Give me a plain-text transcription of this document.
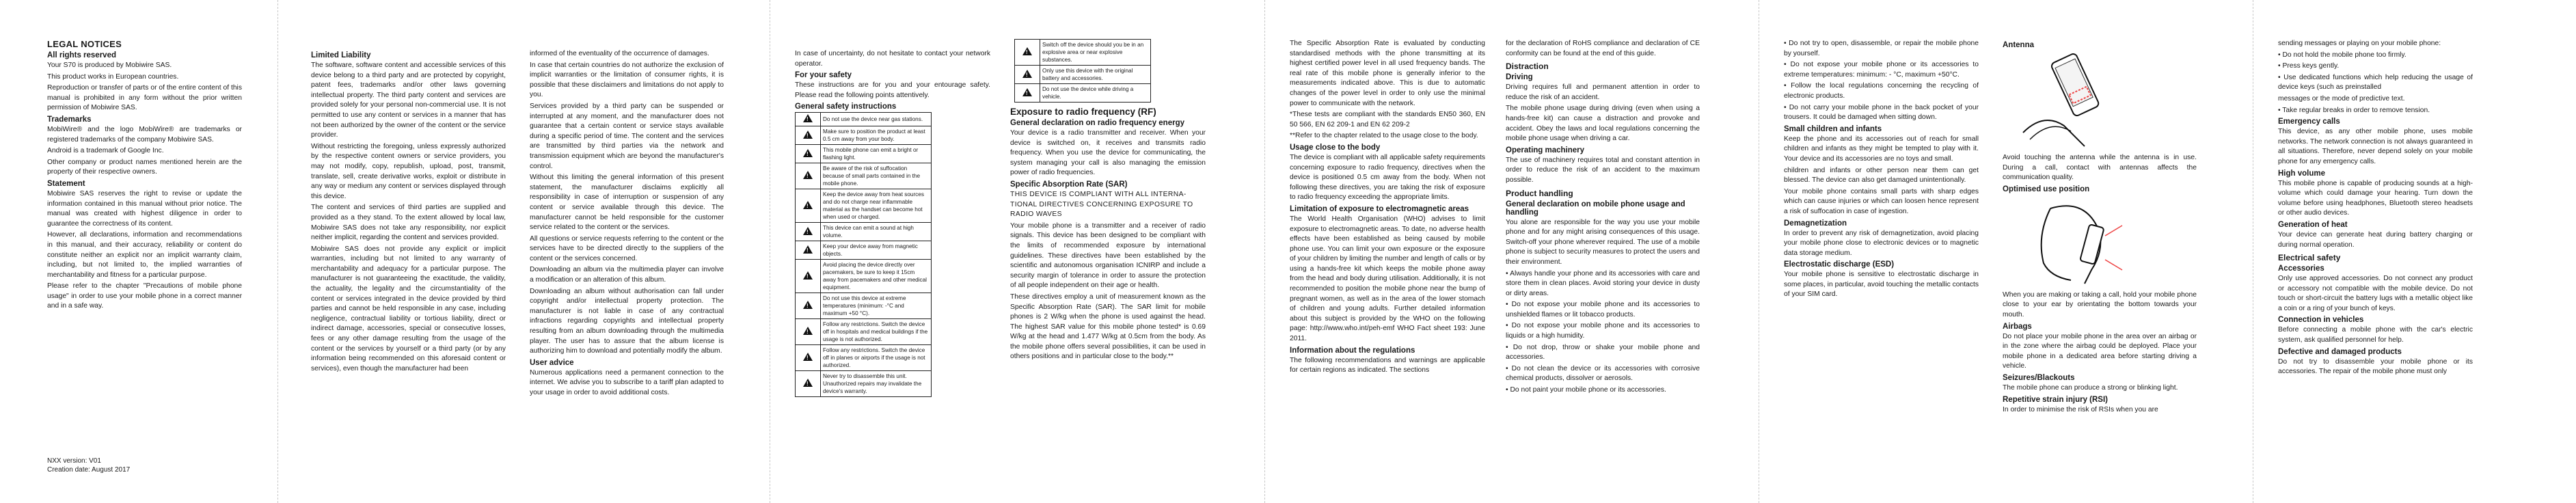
LEGAL NOTICES
All rights reserved

Your S70 is produced by Mobiwire SAS.

This product works in European countries.

Reproduction or transfer of parts or of the entire content of this manual is prohibited in any form without the prior written permission of Mobiwire SAS.

Trademarks

MobiWire® and the logo MobiWire® are trademarks or registered trademarks of the company Mobiwire SAS.

Android is a trademark of Google Inc.

Other company or product names mentioned herein are the property of their respective owners.

Statement

Mobiwire SAS reserves the right to revise or update the information contained in this manual without prior notice. The manual was created with highest diligence in order to guarantee the correctness of its content.

However, all declarations, information and recommendations in this manual, and their accuracy, reliability or content do constitute neither an explicit nor an implicit warranty claim, including, but not limited to, the implied warranties of merchantability and fitness for a particular purpose.

Please refer to the chapter "Precautions of mobile phone usage" in order to use your mobile phone in a correct manner and in a safe way.

NXX version: V01
Creation date: August 2017
Limited Liability

The software, software content and accessible services of this device belong to a third party and are protected by copyright, patent fees, trademarks and/or other laws governing intellectual property. The third party content and services are provided solely for your personal non-commercial use. It is not permitted to use any content or services in a manner that has not been authorized by the owner of the content or the service provider.

Without restricting the foregoing, unless expressly authorized by the respective content owners or service providers, you may not modify, copy, republish, upload, post, transmit, translate, sell, create derivative works, exploit or distribute in any way or medium any content or services displayed through this device.

The content and services of third parties are supplied and provided as a they stand. To the extent allowed by local law, Mobiwire SAS does not take any responsibility, nor explicit neither implicit, regarding the content and services provided.

Mobiwire SAS does not provide any explicit or implicit warranties, including but not limited to any warranty of merchantability and adequacy for a particular purpose. The manufacturer is not guaranteeing the exactitude, the validity, the actuality, the legality and the circumstantiality of the content or services integrated in the device provided by third parties and cannot be held responsible in any case, including negligence, contractual liability or tortious liability, direct or indirect damage, accessories, special or consecutive losses, fees or any other damage resulting from the usage of the content or the services by yourself or a third party (or by any information being recommended on this aforesaid content or services), even though the manufacturer had been

informed of the eventuality of the occurrence of damages.

In case that certain countries do not authorize the exclusion of implicit warranties or the limitation of consumer rights, it is possible that these disclaimers and limitations do not apply to you.

Services provided by a third party can be suspended or interrupted at any moment, and the manufacturer does not guarantee that a certain content or service stays available during a specific period of time. The content and the services are transmitted by third parties via the network and transmission equipment which are beyond the manufacturer's control.

Without this limiting the general information of this present statement, the manufacturer disclaims explicitly all responsibility in case of interruption or suspension of any content or service available through this device. The manufacturer cannot be held responsible for the customer service related to the content or the services.

All questions or service requests referring to the content or the services have to be directed directly to the suppliers of the content or the services concerned.

Downloading an album via the multimedia player can involve a modification or an alteration of this album.

Downloading an album without authorisation can fall under copyright and/or intellectual property protection. The manufacturer is not liable in case of any contractual infractions regarding copyrights and intellectual property resulting from an album downloading through the multimedia player. The user has to assure that the album license is authorizing him to download and potentially modify the album.

User advice

Numerous applications need a permanent connection to the internet. We advise you to subscribe to a tariff plan adapted to your usage in order to avoid additional costs.

In case of uncertainty, do not hesitate to contact your network operator.

For your safety

These instructions are for you and your entourage safety. Please read the following points attentively.

General safety instructions
!	Do not use the device near gas stations.
!	Make sure to position the product at least 0.5 cm away from your body.
!	This mobile phone can emit a bright or flashing light.
!	Be aware of the risk of suffocation because of small parts contained in the mobile phone.
!	Keep the device away from heat sources and do not charge near inflammable material as the handset can become hot when used or charged.
!	This device can emit a sound at high volume.
!	Keep your device away from magnetic objects.
!	Avoid placing the device directly over pacemakers, be sure to keep it 15cm away from pacemakers and other medical equipment.
!	Do not use this device at extreme temperatures (minimum: -°C and maximum +50 °C).
!	Follow any restrictions. Switch the device off in hospitals and medical buildings if the usage is not authorized.
!	Follow any restrictions. Switch the device off in planes or airports if the usage is not authorized.
!	Never try to disassemble this unit. Unauthorized repairs may invalidate the device's warranty.
!	Switch off the device should you be in an explosive area or near explosive substances.
!	Only use this device with the original battery and accessories.
!	Do not use the device while driving a vehicle.
Exposure to radio frequency (RF)
General declaration on radio frequency energy

Your device is a radio transmitter and receiver. When your device is switched on, it receives and transmits radio frequency. When you use the device for communicating, the system managing your call is also managing the emission power of radio frequencies.

Specific Absorption Rate (SAR)

THIS DEVICE IS COMPLIANT WITH ALL INTERNA-TIONAL DIRECTIVES CONCERNING EXPOSURE TO RADIO WAVES

Your mobile phone is a transmitter and a receiver of radio signals. This device has been designed to be compliant with the limits of recommended exposure by international guidelines. These directives have been established by the scientific and autonomous organisation ICNIRP and include a security margin of tolerance in order to assure the protection of all people independent on their age or health.

These directives employ a unit of measurement known as the Specific Absorption Rate (SAR). The SAR limit for mobile phones is 2 W/kg when the phone is used against the head. The highest SAR value for this mobile phone tested* is 0.69 W/kg at the head and 1.477 W/kg at 0.5cm from the body. As the mobile phone offers several possibilities, it can be used in others positions and in particular close to the body.**

The Specific Absorption Rate is evaluated by conducting standardised methods with the phone transmitting at its highest certified power level in all used frequency bands. The real rate of this mobile phone is generally inferior to the measurements indicated above. This is due to automatic changes of the power level in order to only use the minimal power to communicate with the network.

*These tests are compliant with the standards EN50 360, EN 50 566, EN 62 209-1 and EN 62 209-2

**Refer to the chapter related to the usage close to the body.

Usage close to the body

The device is compliant with all applicable safety requirements concerning exposure to radio frequency, directives when the device is positioned 0.5 cm away from the body. When not following these directives, you are taking the risk of exposure to radio frequency exceeding the appropriate limits.

Limitation of exposure to electromagnetic areas

The World Health Organisation (WHO) advises to limit exposure to electromagnetic areas. To date, no adverse health effects have been established as being caused by mobile phone use. You can limit your own exposure or the exposure of your children by limiting the number and length of calls or by using a hands-free kit which keeps the mobile phone away from the head and body during utilisation. Additionally, it is not recommended to position the mobile phone near the bump of pregnant women, as well as in the area of the lower stomach of children and young adults. Further detailed information about this subject is provided by the WHO on the following page: http://www.who.int/peh-emf WHO Fact sheet 193: June 2011.

Information about the regulations

The following recommendations and warnings are applicable for certain regions as indicated. The sections

for the declaration of RoHS compliance and declaration of CE conformity can be found at the end of this guide.

Distraction
Driving

Driving requires full and permanent attention in order to reduce the risk of an accident.

The mobile phone usage during driving (even when using a hands-free kit) can cause a distraction and provoke and accident. Obey the laws and local regulations concerning the mobile phone usage when driving a car.

Operating machinery

The use of machinery requires total and constant attention in order to reduce the risk of an accident to the maximum possible.

Product handling
General declaration on mobile phone usage and handling

You alone are responsible for the way you use your mobile phone and for any might arising consequences of this usage. Switch-off your phone wherever required. The use of a mobile phone is subject to security measures to protect the users and their environment.

• Always handle your phone and its accessories with care and store them in clean places. Avoid storing your device in dusty or dirty areas.

• Do not expose your mobile phone and its accessories to unshielded flames or lit tobacco products.

• Do not expose your mobile phone and its accessories to liquids or a high humidity.

• Do not drop, throw or shake your mobile phone and accessories.

• Do not clean the device or its accessories with corrosive chemical products, dissolver or aerosols.

• Do not paint your mobile phone or its accessories.

• Do not try to open, disassemble, or repair the mobile phone by yourself.

• Do not expose your mobile phone or its accessories to extreme temperatures: minimum: - °C, maximum +50°C.

• Follow the local regulations concerning the recycling of electronic products.

• Do not carry your mobile phone in the back pocket of your trousers. It could be damaged when sitting down.

Small children and infants

Keep the phone and its accessories out of reach for small children and infants as they might be tempted to play with it. Your device and its accessories are no toys and small.

children and infants or other person near them can get blessed. The device can also get damaged unintentionally.

Your mobile phone contains small parts with sharp edges which can cause injuries or which can loosen hence represent a risk of suffocation in case of ingestion.

Demagnetization

In order to prevent any risk of demagnetization, avoid placing your mobile phone close to electronic devices or to magnetic data storage medium.

Electrostatic discharge (ESD)

Your mobile phone is sensitive to electrostatic discharge in some places, in particular, avoid touching the metallic contacts of your SIM card.

Antenna

Avoid touching the antenna while the antenna is in use. During a call, contact with antennas affects the communication quality.

Optimised use position

When you are making or taking a call, hold your mobile phone close to your ear by orientating the bottom towards your mouth.

Airbags

Do not place your mobile phone in the area over an airbag or in the zone where the airbag could be deployed. Place your mobile phone in a dedicated area before starting driving a vehicle.

Seizures/Blackouts

The mobile phone can produce a strong or blinking light.

Repetitive strain injury (RSI)

In order to minimise the risk of RSIs when you are

sending messages or playing on your mobile phone:

• Do not hold the mobile phone too firmly.

• Press keys gently.

• Use dedicated functions which help reducing the usage of device keys (such as preinstalled

messages or the mode of predictive text.

• Take regular breaks in order to remove tension.

Emergency calls

This device, as any other mobile phone, uses mobile networks. The network connection is not always guaranteed in all situations. Therefore, never depend solely on your mobile phone for any emergency calls.

High volume

This mobile phone is capable of producing sounds at a high-volume which could damage your hearing. Turn down the volume before using headphones, Bluetooth stereo headsets or other audio devices.

Generation of heat

Your device can generate heat during battery charging or during normal operation.

Electrical safety
Accessories

Only use approved accessories. Do not connect any product or accessory not compatible with the mobile device. Do not touch or short-circuit the battery lugs with a metallic object like a coin or a ring of your bunch of keys.

Connection in vehicles

Before connecting a mobile phone with the car's electric system, ask qualified personnel for help.

Defective and damaged products

Do not try to disassemble your mobile phone or its accessories. The repair of the mobile phone must only
